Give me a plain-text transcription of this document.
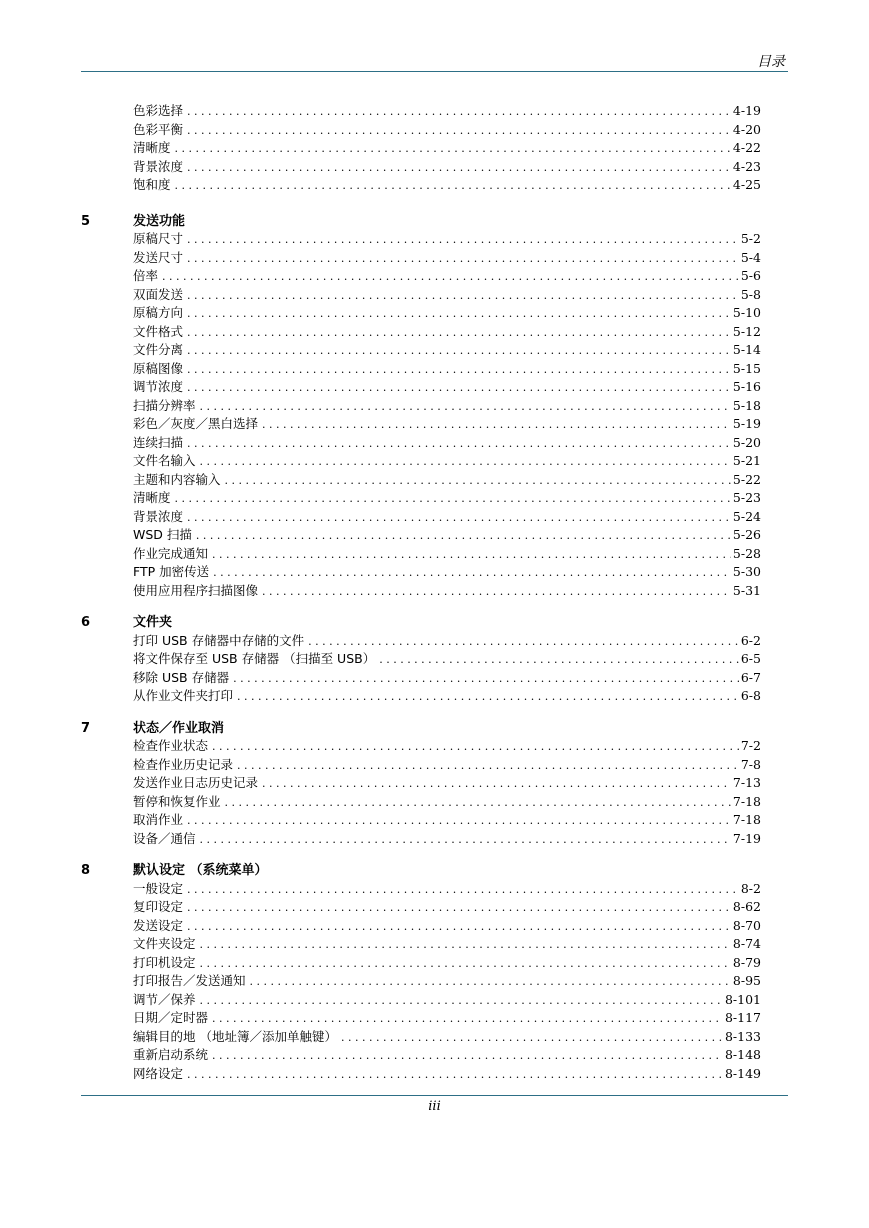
目录
色彩选择 . . .	4-19
色彩平衡 . . .	4-20
清晰度 . . .	4-22
背景浓度 . . .	4-23
饱和度 . . .	4-25
5	发送功能
原稿尺寸 . . .	5-2
发送尺寸 . . .	5-4
倍率 . . .	5-6
双面发送 . . .	5-8
原稿方向 . . .	5-10
文件格式 . . .	5-12
文件分离 . . .	5-14
原稿图像 . . .	5-15
调节浓度 . . .	5-16
扫描分辨率 . . .	5-18
彩色／灰度／黑白选择 . . .	5-19
连续扫描 . . .	5-20
文件名输入 . . .	5-21
主题和内容输入 . . .	5-22
清晰度 . . .	5-23
背景浓度 . . .	5-24
WSD 扫描 . . .	5-26
作业完成通知 . . .	5-28
FTP 加密传送 . . .	5-30
使用应用程序扫描图像 . . .	5-31
6	文件夹
打印 USB 存储器中存储的文件 . . .	6-2
将文件保存至 USB 存储器 （扫描至 USB） . . .	6-5
移除 USB 存储器 . . .	6-7
从作业文件夹打印 . . .	6-8
7	状态／作业取消
检查作业状态 . . .	7-2
检查作业历史记录 . . .	7-8
发送作业日志历史记录 . . .	7-13
暂停和恢复作业 . . .	7-18
取消作业 . . .	7-18
设备／通信 . . .	7-19
8	默认设定 （系统菜单）
一般设定 . . .	8-2
复印设定 . . .	8-62
发送设定 . . .	8-70
文件夹设定 . . .	8-74
打印机设定 . . .	8-79
打印报告／发送通知 . . .	8-95
调节／保养 . . .	8-101
日期／定时器 . . .	8-117
编辑目的地 （地址簿／添加单触键） . . .	8-133
重新启动系统 . . .	8-148
网络设定 . . .	8-149
iii
